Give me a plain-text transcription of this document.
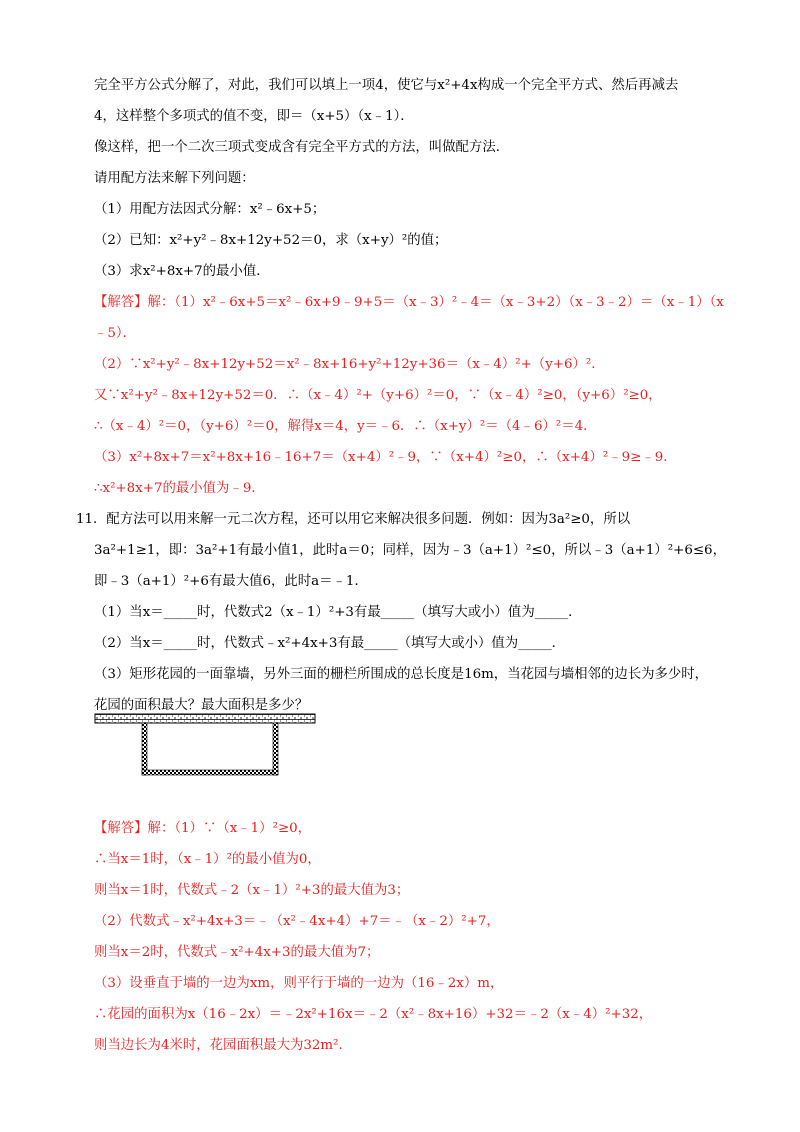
完全平方公式分解了，对此，我们可以填上一项4，使它与x²+4x构成一个完全平方式、然后再减去
4，这样整个多项式的值不变，即＝（x+5）（x﹣1）．
像这样，把一个二次三项式变成含有完全平方式的方法，叫做配方法．
请用配方法来解下列问题：
（1）用配方法因式分解：x²﹣6x+5；
（2）已知：x²+y²﹣8x+12y+52＝0，求（x+y）²的值；
（3）求x²+8x+7的最小值．
【解答】解：（1）x²﹣6x+5＝x²﹣6x+9﹣9+5＝（x﹣3）²﹣4＝（x﹣3+2）（x﹣3﹣2）＝（x﹣1）（x
﹣5）．
（2）∵x²+y²﹣8x+12y+52＝x²﹣8x+16+y²+12y+36＝（x﹣4）²+（y+6）²．
又∵x²+y²﹣8x+12y+52＝0．∴（x﹣4）²+（y+6）²＝0，∵（x﹣4）²≥0，（y+6）²≥0，
∴（x﹣4）²＝0，（y+6）²＝0，解得x＝4，y＝﹣6．∴（x+y）²＝（4﹣6）²＝4．
（3）x²+8x+7＝x²+8x+16﹣16+7＝（x+4）²﹣9，∵（x+4）²≥0，∴（x+4）²﹣9≥﹣9．
∴x²+8x+7的最小值为﹣9．
11．配方法可以用来解一元二次方程，还可以用它来解决很多问题．例如：因为3a²≥0，所以
3a²+1≥1，即：3a²+1有最小值1，此时a＝0；同样，因为﹣3（a+1）²≤0，所以﹣3（a+1）²+6≤6，
即﹣3（a+1）²+6有最大值6，此时a＝﹣1．
（1）当x＝_____时，代数式2（x﹣1）²+3有最_____（填写大或小）值为_____．
（2）当x＝_____时，代数式﹣x²+4x+3有最_____（填写大或小）值为_____．
（3）矩形花园的一面靠墙，另外三面的栅栏所围成的总长度是16m，当花园与墙相邻的边长为多少时，
花园的面积最大？最大面积是多少？
【解答】解：（1）∵（x﹣1）²≥0，
∴当x＝1时，（x﹣1）²的最小值为0，
则当x＝1时，代数式﹣2（x﹣1）²+3的最大值为3；
（2）代数式﹣x²+4x+3＝﹣（x²﹣4x+4）+7＝﹣（x﹣2）²+7，
则当x＝2时，代数式﹣x²+4x+3的最大值为7；
（3）设垂直于墙的一边为xm，则平行于墙的一边为（16﹣2x）m，
∴花园的面积为x（16﹣2x）＝﹣2x²+16x＝﹣2（x²﹣8x+16）+32＝﹣2（x﹣4）²+32，
则当边长为4米时，花园面积最大为32m².
